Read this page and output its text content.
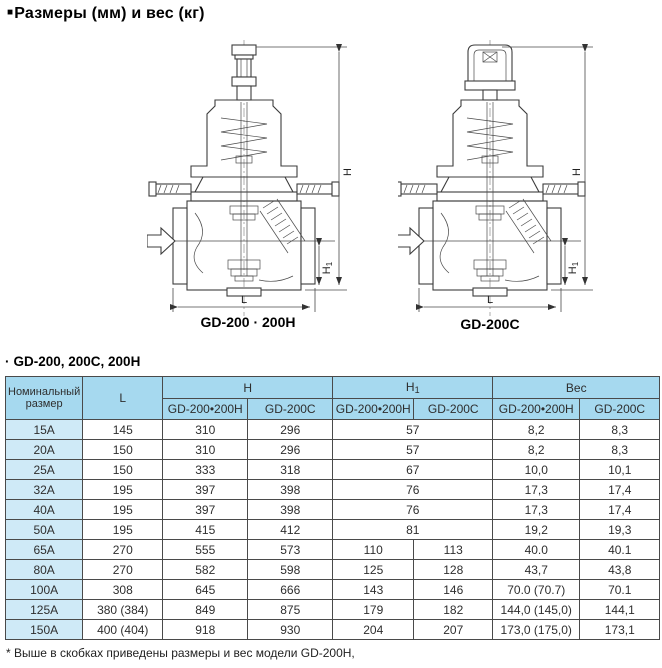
■Размеры (мм) и вес (кг)
H
H1
L
GD-200 · 200H
H
H1
L
GD-200C
· GD-200, 200C, 200H
Номинальный
размер	L	H		H1		Вес	
		GD-200•200H	GD-200C	GD-200•200H	GD-200C	GD-200•200H	GD-200C
15A	145	310	296	57		8,2	8,3
20A	150	310	296	57		8,2	8,3
25A	150	333	318	67		10,0	10,1
32A	195	397	398	76		17,3	17,4
40A	195	397	398	76		17,3	17,4
50A	195	415	412	81		19,2	19,3
65A	270	555	573	110	113	40.0	40.1
80A	270	582	598	125	128	43,7	43,8
100A	308	645	666	143	146	70.0 (70.7)	70.1
125A	380 (384)	849	875	179	182	144,0 (145,0)	144,1
150A	400 (404)	918	930	204	207	173,0 (175,0)	173,1
* Выше в скобках приведены размеры и вес модели GD-200H,
